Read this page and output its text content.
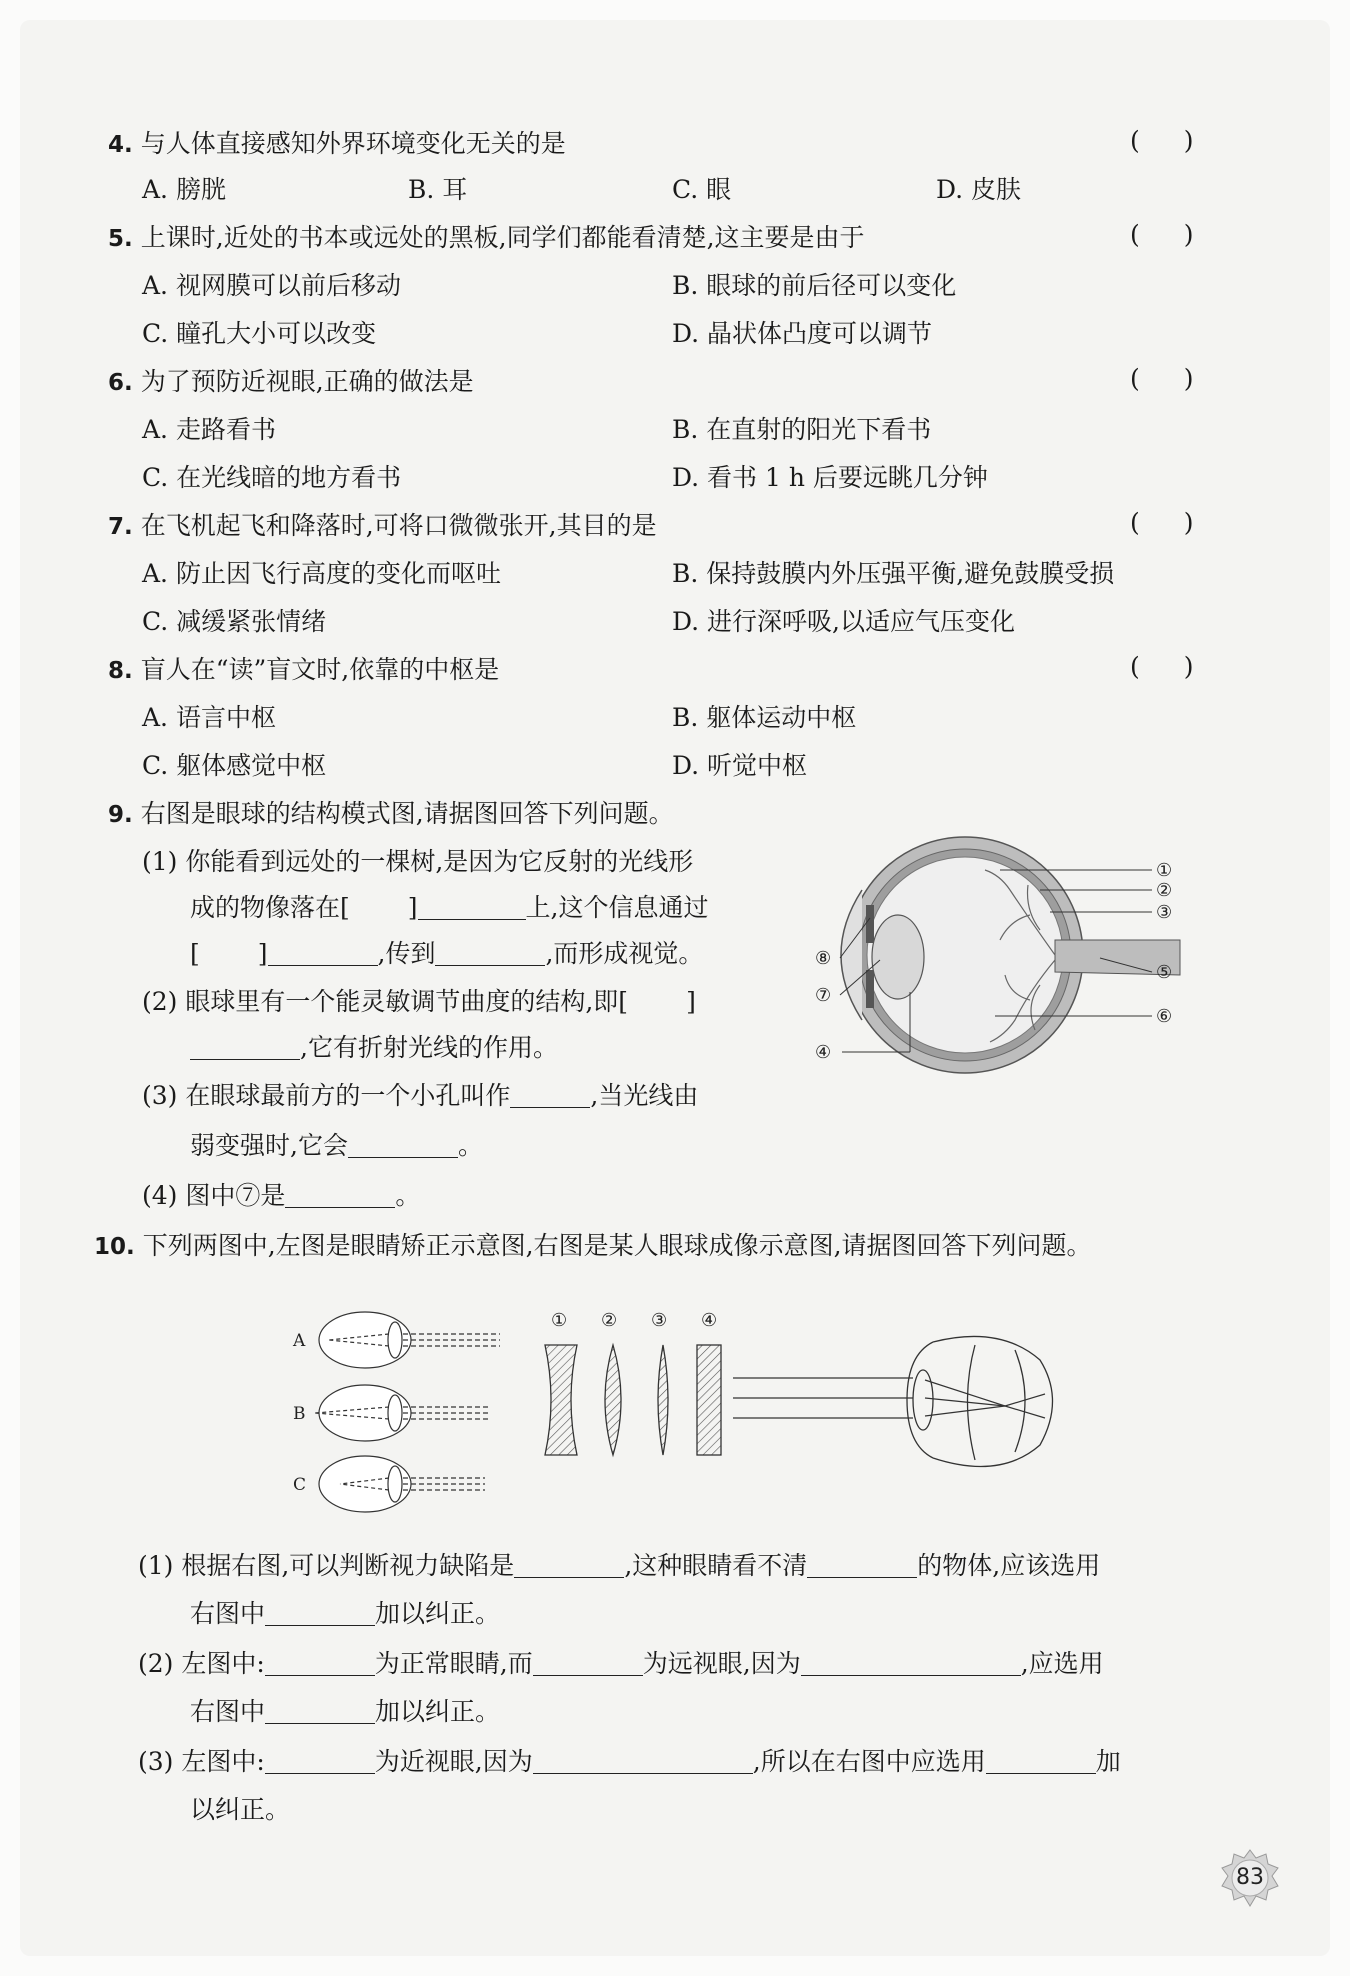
4. 与人体直接感知外界环境变化无关的是	( )
A. 膀胱	B. 耳	C. 眼	D. 皮肤
5. 上课时,近处的书本或远处的黑板,同学们都能看清楚,这主要是由于	( )
A. 视网膜可以前后移动	B. 眼球的前后径可以变化
C. 瞳孔大小可以改变	D. 晶状体凸度可以调节
6. 为了预防近视眼,正确的做法是	( )
A. 走路看书	B. 在直射的阳光下看书
C. 在光线暗的地方看书	D. 看书 1 h 后要远眺几分钟
7. 在飞机起飞和降落时,可将口微微张开,其目的是	( )
A. 防止因飞行高度的变化而呕吐	B. 保持鼓膜内外压强平衡,避免鼓膜受损
C. 减缓紧张情绪	D. 进行深呼吸,以适应气压变化
8. 盲人在“读”盲文时,依靠的中枢是	( )
A. 语言中枢	B. 躯体运动中枢
C. 躯体感觉中枢	D. 听觉中枢
9. 右图是眼球的结构模式图,请据图回答下列问题。
(1) 你能看到远处的一棵树,是因为它反射的光线形
成的物像落在[ ]	上,这个信息通过
[ ]	,传到	,而形成视觉。
(2) 眼球里有一个能灵敏调节曲度的结构,即[ ]
,它有折射光线的作用。
(3) 在眼球最前方的一个小孔叫作	,当光线由
弱变强时,它会	。
(4) 图中⑦是	。
①
②
③
⑤
⑥
⑧
⑦
④
10. 下列两图中,左图是眼睛矫正示意图,右图是某人眼球成像示意图,请据图回答下列问题。
A
B
C
① ② ③ ④
(1) 根据右图,可以判断视力缺陷是	,这种眼睛看不清	的物体,应该选用
右图中	加以纠正。
(2) 左图中:	为正常眼睛,而	为远视眼,因为	,应选用
右图中	加以纠正。
(3) 左图中:	为近视眼,因为	,所以在右图中应选用	加
以纠正。
83
